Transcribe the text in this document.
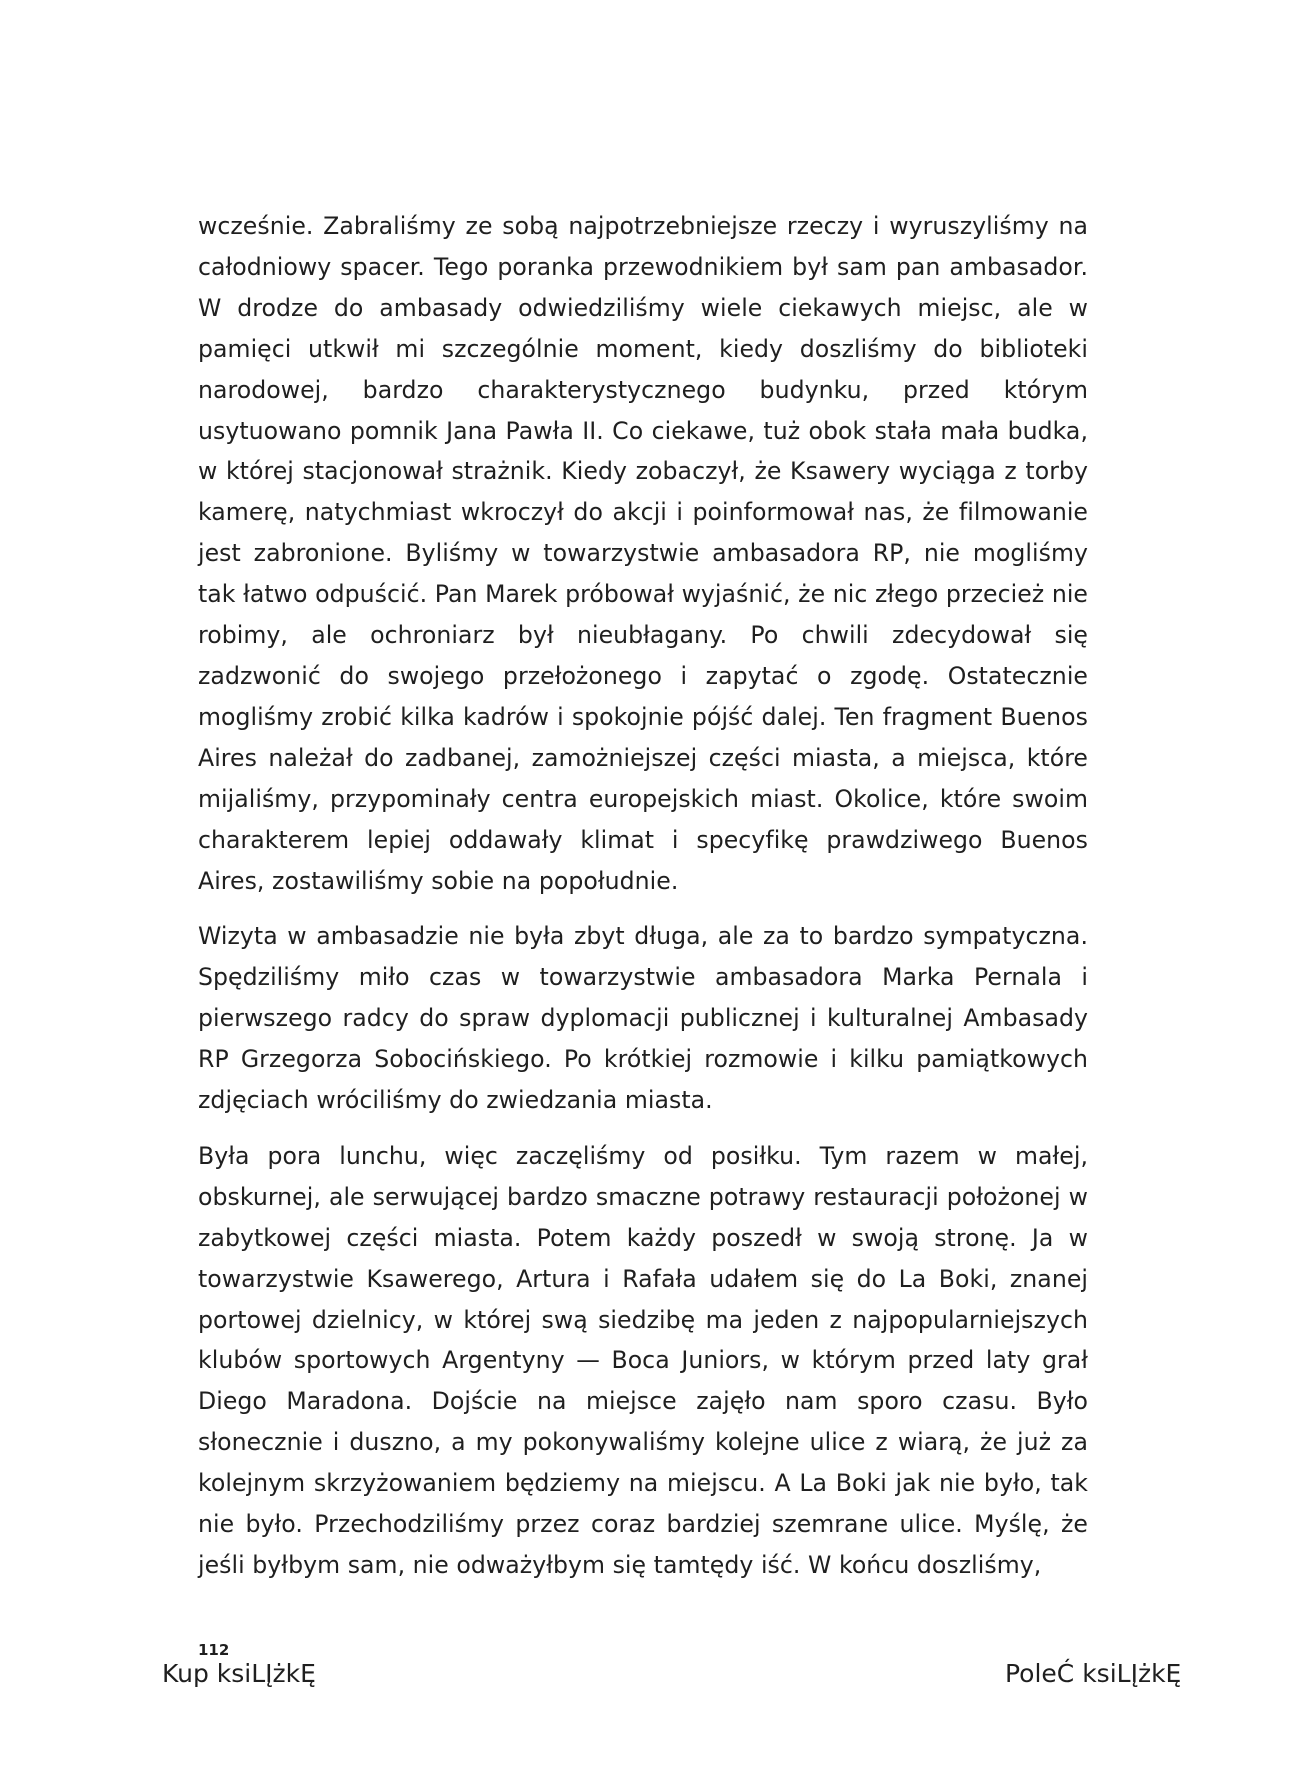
wcześnie. Zabraliśmy ze sobą najpotrzebniejsze rzeczy i wyruszyliśmy na całodniowy spacer. Tego poranka przewodnikiem był sam pan ambasador. W drodze do ambasady odwiedziliśmy wiele ciekawych miejsc, ale w pamięci utkwił mi szczególnie moment, kiedy doszliśmy do biblioteki narodowej, bardzo charakterystycznego budynku, przed którym usytuowano pomnik Jana Pawła II. Co ciekawe, tuż obok stała mała budka, w której stacjonował strażnik. Kiedy zobaczył, że Ksawery wyciąga z torby kamerę, natychmiast wkroczył do akcji i poinformował nas, że filmowanie jest zabronione. Byliśmy w towarzystwie ambasadora RP, nie mogliśmy tak łatwo odpuścić. Pan Marek próbował wyjaśnić, że nic złego przecież nie robimy, ale ochroniarz był nieubłagany. Po chwili zdecydował się zadzwonić do swojego przełożonego i zapytać o zgodę. Ostatecznie mogliśmy zrobić kilka kadrów i spokojnie pójść dalej. Ten fragment Buenos Aires należał do zadbanej, zamożniejszej części miasta, a miejsca, które mijaliśmy, przypominały centra europejskich miast. Okolice, które swoim charakterem lepiej oddawały klimat i specyfikę prawdziwego Buenos Aires, zostawiliśmy sobie na popołudnie.

Wizyta w ambasadzie nie była zbyt długa, ale za to bardzo sympatyczna. Spędziliśmy miło czas w towarzystwie ambasadora Marka Pernala i pierwszego radcy do spraw dyplomacji publicznej i kulturalnej Ambasady RP Grzegorza Sobocińskiego. Po krótkiej rozmowie i kilku pamiątkowych zdjęciach wróciliśmy do zwiedzania miasta.

Była pora lunchu, więc zaczęliśmy od posiłku. Tym razem w małej, obskurnej, ale serwującej bardzo smaczne potrawy restauracji położonej w zabytkowej części miasta. Potem każdy poszedł w swoją stronę. Ja w towarzystwie Ksawerego, Artura i Rafała udałem się do La Boki, znanej portowej dzielnicy, w której swą siedzibę ma jeden z najpopularniejszych klubów sportowych Argentyny — Boca Juniors, w którym przed laty grał Diego Maradona. Dojście na miejsce zajęło nam sporo czasu. Było słonecznie i duszno, a my pokonywaliśmy kolejne ulice z wiarą, że już za kolejnym skrzyżowaniem będziemy na miejscu. A La Boki jak nie było, tak nie było. Przechodziliśmy przez coraz bardziej szemrane ulice. Myślę, że jeśli byłbym sam, nie odważyłbym się tamtędy iść. W końcu doszliśmy,

112
Kup ksiLĮżkĘ	PoleĆ ksiLĮżkĘ
